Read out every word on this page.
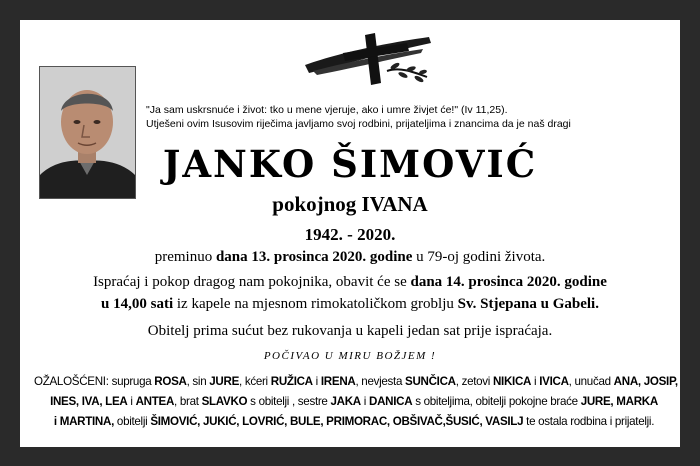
"Ja sam uskrsnuće i život: tko u mene vjeruje, ako i umre živjet će!" (Iv 11,25).
Utješeni ovim Isusovim riječima javljamo svoj rodbini, prijateljima i znancima da je naš dragi
JANKO ŠIMOVIĆ
pokojnog IVANA
1942. - 2020.
preminuo dana 13. prosinca 2020. godine u 79-oj godini života.
Ispraćaj i pokop dragog nam pokojnika, obavit će se dana 14. prosinca 2020. godine
u 14,00 sati iz kapele na mjesnom rimokatoličkom groblju Sv. Stjepana u Gabeli.
Obitelj prima sućut bez rukovanja u kapeli jedan sat prije ispraćaja.
POČIVAO U MIRU BOŽJEM !
OŽALOŠĆENI: supruga ROSA, sin JURE, kćeri RUŽICA i IRENA, nevjesta SUNČICA, zetovi NIKICA i IVICA, unučad ANA, JOSIP,
INES, IVA, LEA i ANTEA, brat SLAVKO s obitelji , sestre JAKA i DANICA s obiteljima, obitelji pokojne braće JURE, MARKA
i MARTINA, obitelji ŠIMOVIĆ, JUKIĆ, LOVRIĆ, BULE, PRIMORAC, OBŠIVAČ,ŠUSIĆ, VASILJ te ostala rodbina i prijatelji.
